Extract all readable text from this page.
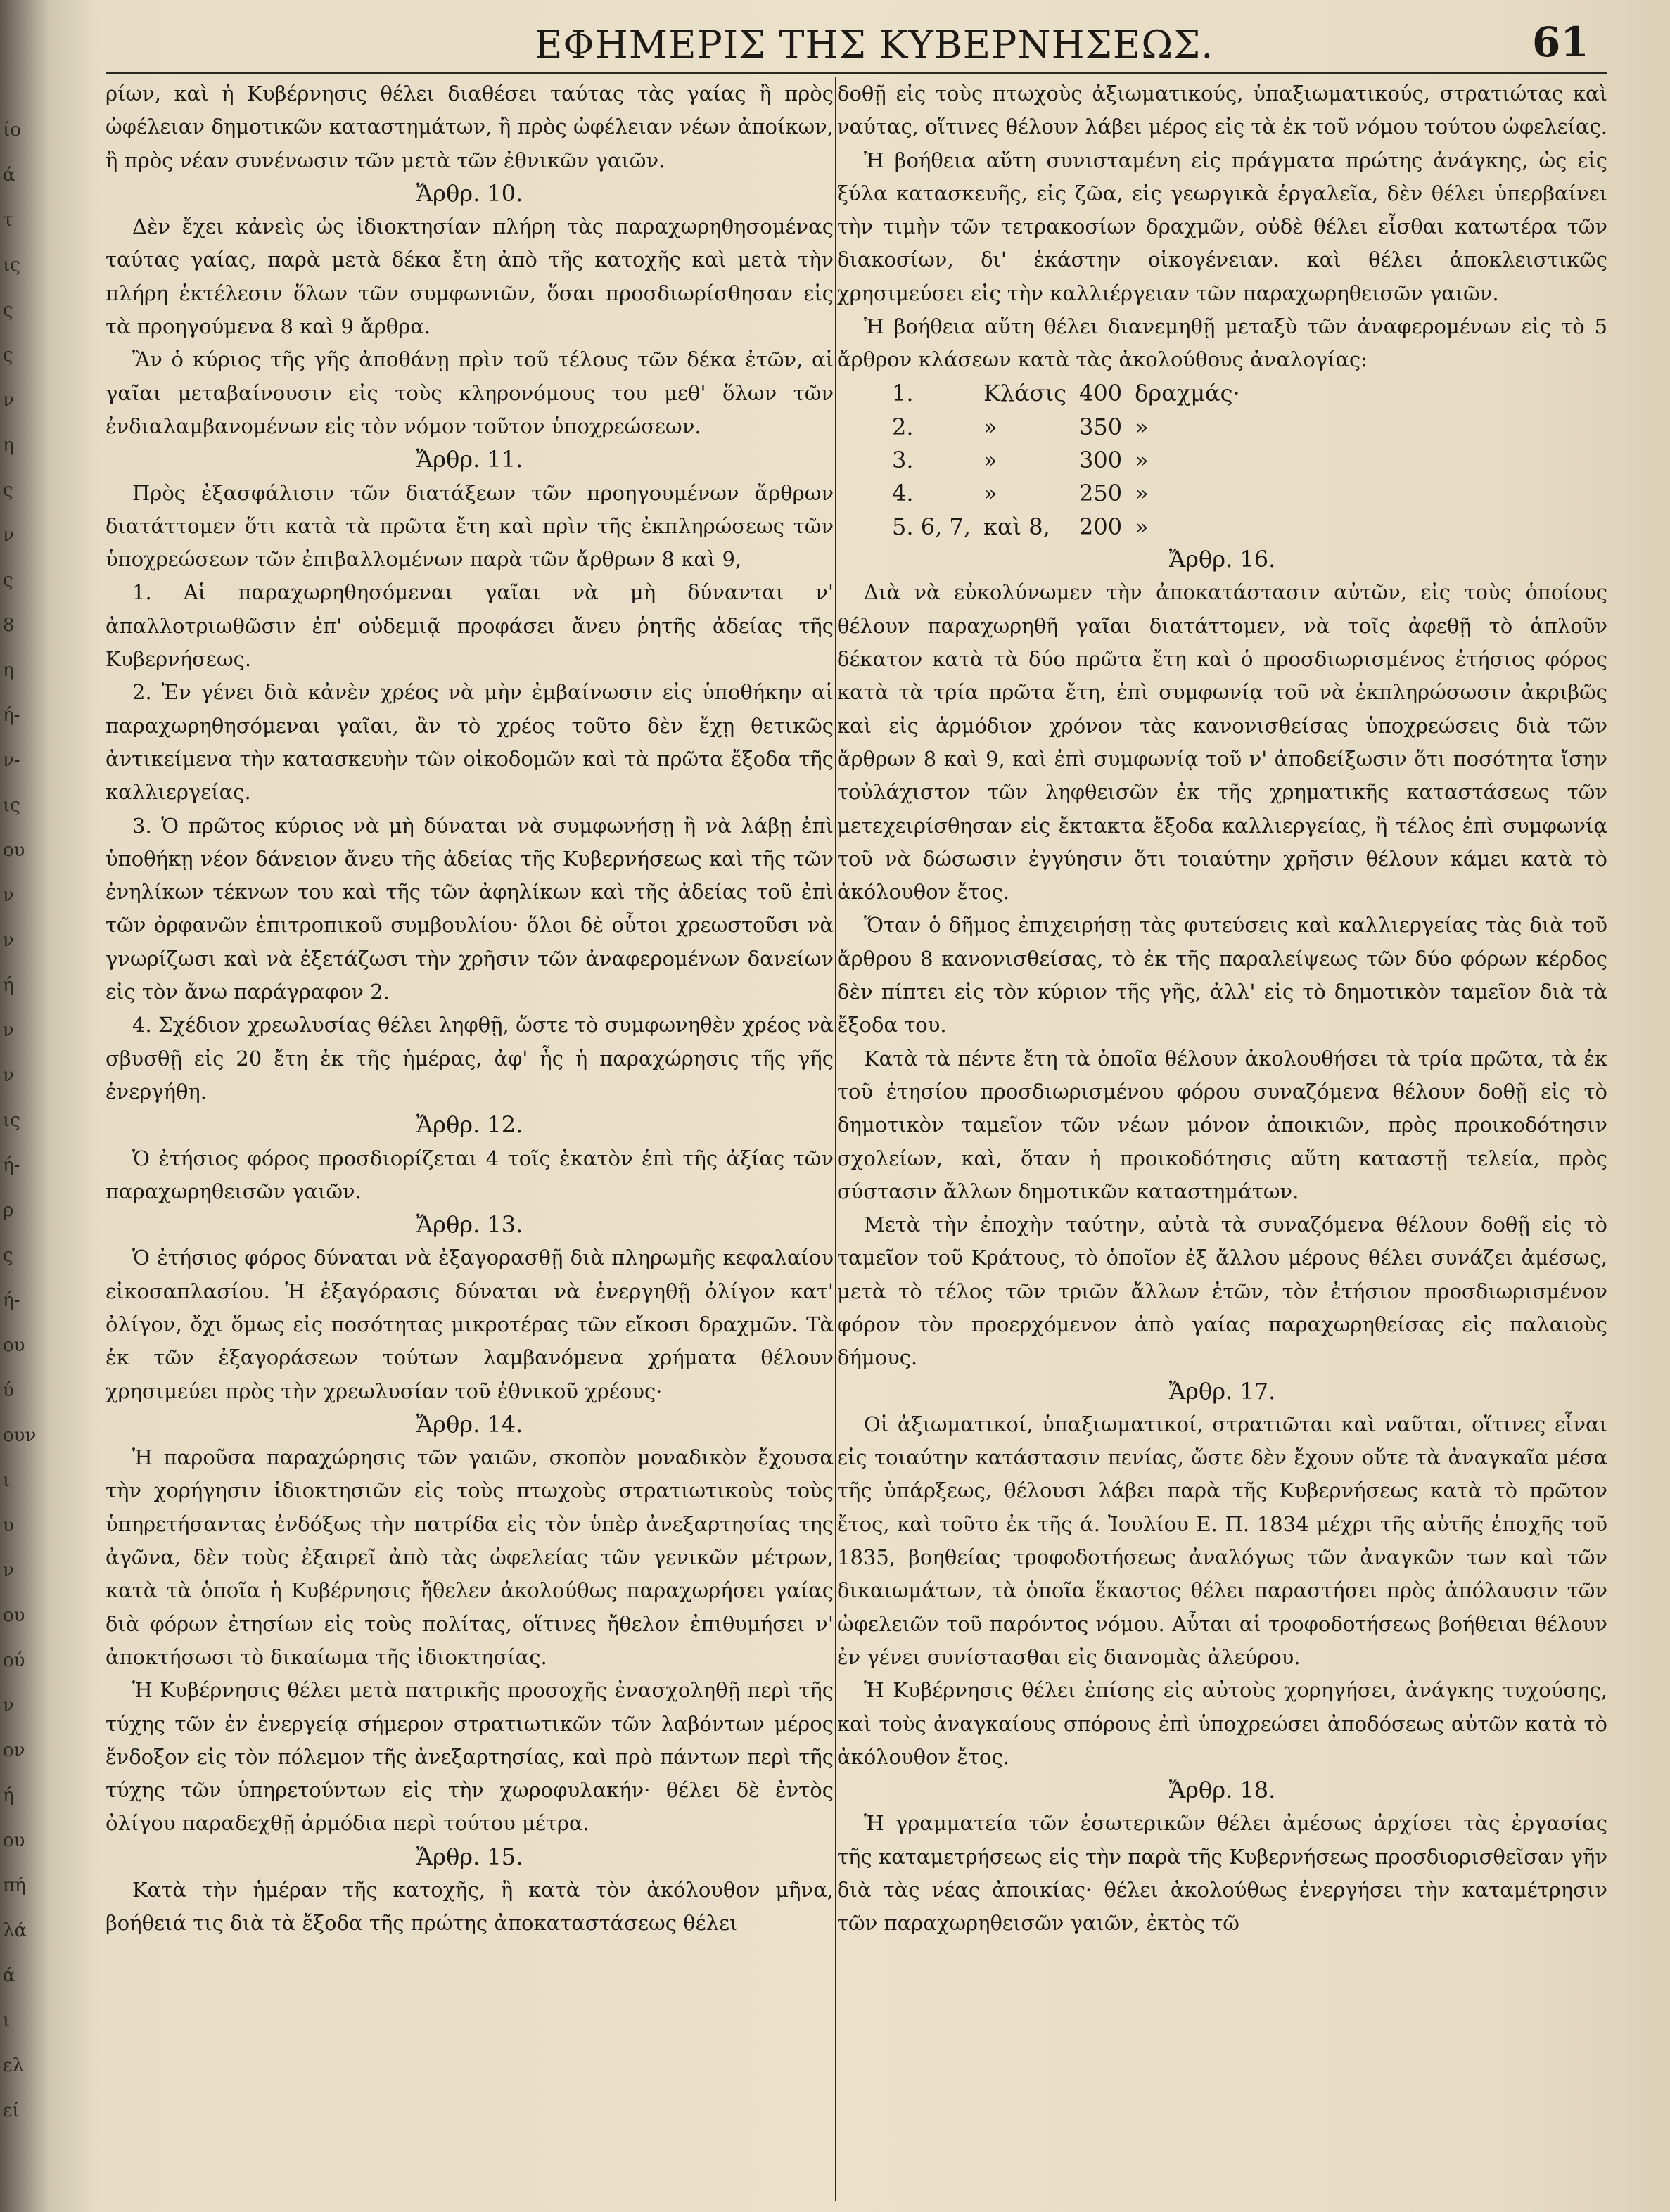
ίο
ά
τ
ις
ς
ς
ν
η
ς
ν
ς
8
η
ή-
ν-
ις
ου
ν
ν
ή
ν
ν
ις
ή-
ρ
ς
ή-
ου
ύ
ουν
ι
υ
ν
ου
ού
ν
ον
ή
ου
πή
λά
ά
ι
ελ
εί
ΕΦΗΜΕΡΙΣ ΤΗΣ ΚΥΒΕΡΝΗΣΕΩΣ.	61

ρίων, καὶ ἡ Κυβέρνησις θέλει διαθέσει ταύτας τὰς γαίας ἢ πρὸς ὠφέλειαν δημοτικῶν καταστημάτων, ἢ πρὸς ὠφέλειαν νέων ἀποίκων, ἢ πρὸς νέαν συνένωσιν τῶν μετὰ τῶν ἐθνικῶν γαιῶν.

Ἄρθρ. 10.

Δὲν ἔχει κἀνεὶς ὡς ἰδιοκτησίαν πλήρη τὰς παραχωρηθησομένας ταύτας γαίας, παρὰ μετὰ δέκα ἔτη ἀπὸ τῆς κατοχῆς καὶ μετὰ τὴν πλήρη ἐκτέλεσιν ὅλων τῶν συμφωνιῶν, ὅσαι προσδιωρίσθησαν εἰς τὰ προηγούμενα 8 καὶ 9 ἄρθρα.

Ἂν ὁ κύριος τῆς γῆς ἀποθάνῃ πρὶν τοῦ τέλους τῶν δέκα ἐτῶν, αἱ γαῖαι μεταβαίνουσιν εἰς τοὺς κληρονόμους του μεθ' ὅλων τῶν ἐνδιαλαμβανομένων εἰς τὸν νόμον τοῦτον ὑποχρεώσεων.

Ἄρθρ. 11.

Πρὸς ἐξασφάλισιν τῶν διατάξεων τῶν προηγουμένων ἄρθρων διατάττομεν ὅτι κατὰ τὰ πρῶτα ἔτη καὶ πρὶν τῆς ἐκπληρώσεως τῶν ὑποχρεώσεων τῶν ἐπιβαλλομένων παρὰ τῶν ἄρθρων 8 καὶ 9,

1. Αἱ παραχωρηθησόμεναι γαῖαι νὰ μὴ δύνανται ν' ἀπαλλοτριωθῶσιν ἐπ' οὐδεμιᾷ προφάσει ἄνευ ῥητῆς ἀδείας τῆς Κυβερνήσεως.

2. Ἐν γένει διὰ κἀνὲν χρέος νὰ μὴν ἐμβαίνωσιν εἰς ὑποθήκην αἱ παραχωρηθησόμεναι γαῖαι, ἂν τὸ χρέος τοῦτο δὲν ἔχῃ θετικῶς ἀντικείμενα τὴν κατασκευὴν τῶν οἰκοδομῶν καὶ τὰ πρῶτα ἔξοδα τῆς καλλιεργείας.

3. Ὁ πρῶτος κύριος νὰ μὴ δύναται νὰ συμφωνήσῃ ἢ νὰ λάβῃ ἐπὶ ὑποθήκῃ νέον δάνειον ἄνευ τῆς ἀδείας τῆς Κυβερνήσεως καὶ τῆς τῶν ἐνηλίκων τέκνων του καὶ τῆς τῶν ἀφηλίκων καὶ τῆς ἀδείας τοῦ ἐπὶ τῶν ὀρφανῶν ἐπιτροπικοῦ συμβουλίου· ὅλοι δὲ οὗτοι χρεωστοῦσι νὰ γνωρίζωσι καὶ νὰ ἐξετάζωσι τὴν χρῆσιν τῶν ἀναφερομένων δανείων εἰς τὸν ἄνω παράγραφον 2.

4. Σχέδιον χρεωλυσίας θέλει ληφθῇ, ὥστε τὸ συμφωνηθὲν χρέος νὰ σβυσθῇ εἰς 20 ἔτη ἐκ τῆς ἡμέρας, ἀφ' ἧς ἡ παραχώρησις τῆς γῆς ἐνεργήθη.

Ἄρθρ. 12.

Ὁ ἐτήσιος φόρος προσδιορίζεται 4 τοῖς ἑκατὸν ἐπὶ τῆς ἀξίας τῶν παραχωρηθεισῶν γαιῶν.

Ἄρθρ. 13.

Ὁ ἐτήσιος φόρος δύναται νὰ ἐξαγορασθῇ διὰ πληρωμῆς κεφαλαίου εἰκοσαπλασίου. Ἡ ἐξαγόρασις δύναται νὰ ἐνεργηθῇ ὀλίγον κατ' ὀλίγον, ὄχι ὅμως εἰς ποσότητας μικροτέρας τῶν εἴκοσι δραχμῶν. Τὰ ἐκ τῶν ἐξαγοράσεων τούτων λαμβανόμενα χρήματα θέλουν χρησιμεύει πρὸς τὴν χρεωλυσίαν τοῦ ἐθνικοῦ χρέους·

Ἄρθρ. 14.

Ἡ παροῦσα παραχώρησις τῶν γαιῶν, σκοπὸν μοναδικὸν ἔχουσα τὴν χορήγησιν ἰδιοκτησιῶν εἰς τοὺς πτωχοὺς στρατιωτικοὺς τοὺς ὑπηρετήσαντας ἐνδόξως τὴν πατρίδα εἰς τὸν ὑπὲρ ἀνεξαρτησίας της ἀγῶνα, δὲν τοὺς ἐξαιρεῖ ἀπὸ τὰς ὠφελείας τῶν γενικῶν μέτρων, κατὰ τὰ ὁποῖα ἡ Κυβέρνησις ἤθελεν ἀκολούθως παραχωρήσει γαίας διὰ φόρων ἐτησίων εἰς τοὺς πολίτας, οἵτινες ἤθελον ἐπιθυμήσει ν' ἀποκτήσωσι τὸ δικαίωμα τῆς ἰδιοκτησίας.

Ἡ Κυβέρνησις θέλει μετὰ πατρικῆς προσοχῆς ἐνασχοληθῇ περὶ τῆς τύχης τῶν ἐν ἐνεργείᾳ σήμερον στρατιωτικῶν τῶν λαβόντων μέρος ἔνδοξον εἰς τὸν πόλεμον τῆς ἀνεξαρτησίας, καὶ πρὸ πάντων περὶ τῆς τύχης τῶν ὑπηρετούντων εἰς τὴν χωροφυλακήν· θέλει δὲ ἐντὸς ὀλίγου παραδεχθῇ ἁρμόδια περὶ τούτου μέτρα.

Ἄρθρ. 15.

Κατὰ τὴν ἡμέραν τῆς κατοχῆς, ἢ κατὰ τὸν ἀκόλουθον μῆνα, βοήθειά τις διὰ τὰ ἔξοδα τῆς πρώτης ἀποκαταστάσεως θέλει

δοθῇ εἰς τοὺς πτωχοὺς ἀξιωματικούς, ὑπαξιωματικούς, στρατιώτας καὶ ναύτας, οἵτινες θέλουν λάβει μέρος εἰς τὰ ἐκ τοῦ νόμου τούτου ὠφελείας.

Ἡ βοήθεια αὕτη συνισταμένη εἰς πράγματα πρώτης ἀνάγκης, ὡς εἰς ξύλα κατασκευῆς, εἰς ζῶα, εἰς γεωργικὰ ἐργαλεῖα, δὲν θέλει ὑπερβαίνει τὴν τιμὴν τῶν τετρακοσίων δραχμῶν, οὐδὲ θέλει εἶσθαι κατωτέρα τῶν διακοσίων, δι' ἑκάστην οἰκογένειαν. καὶ θέλει ἀποκλειστικῶς χρησιμεύσει εἰς τὴν καλλιέργειαν τῶν παραχωρηθεισῶν γαιῶν.

Ἡ βοήθεια αὕτη θέλει διανεμηθῇ μεταξὺ τῶν ἀναφερομένων εἰς τὸ 5 ἄρθρον κλάσεων κατὰ τὰς ἀκολούθους ἀναλογίας:

1.	Κλάσις	400	δραχμάς·
2.	»	350	»
3.	»	300	»
4.	»	250	»
5. 6, 7,	καὶ 8,	200	»

Ἄρθρ. 16.

Διὰ νὰ εὐκολύνωμεν τὴν ἀποκατάστασιν αὐτῶν, εἰς τοὺς ὁποίους θέλουν παραχωρηθῆ γαῖαι διατάττομεν, νὰ τοῖς ἀφεθῇ τὸ ἁπλοῦν δέκατον κατὰ τὰ δύο πρῶτα ἔτη καὶ ὁ προσδιωρισμένος ἐτήσιος φόρος κατὰ τὰ τρία πρῶτα ἔτη, ἐπὶ συμφωνίᾳ τοῦ νὰ ἐκπληρώσωσιν ἀκριβῶς καὶ εἰς ἁρμόδιον χρόνον τὰς κανονισθείσας ὑποχρεώσεις διὰ τῶν ἄρθρων 8 καὶ 9, καὶ ἐπὶ συμφωνίᾳ τοῦ ν' ἀποδείξωσιν ὅτι ποσότητα ἴσην τοὐλάχιστον τῶν ληφθεισῶν ἐκ τῆς χρηματικῆς καταστάσεως τῶν μετεχειρίσθησαν εἰς ἔκτακτα ἔξοδα καλλιεργείας, ἢ τέλος ἐπὶ συμφωνίᾳ τοῦ νὰ δώσωσιν ἐγγύησιν ὅτι τοιαύτην χρῆσιν θέλουν κάμει κατὰ τὸ ἀκόλουθον ἔτος.

Ὅταν ὁ δῆμος ἐπιχειρήσῃ τὰς φυτεύσεις καὶ καλλιεργείας τὰς διὰ τοῦ ἄρθρου 8 κανονισθείσας, τὸ ἐκ τῆς παραλείψεως τῶν δύο φόρων κέρδος δὲν πίπτει εἰς τὸν κύριον τῆς γῆς, ἀλλ' εἰς τὸ δημοτικὸν ταμεῖον διὰ τὰ ἔξοδα του.

Κατὰ τὰ πέντε ἔτη τὰ ὁποῖα θέλουν ἀκολουθήσει τὰ τρία πρῶτα, τὰ ἐκ τοῦ ἐτησίου προσδιωρισμένου φόρου συναζόμενα θέλουν δοθῇ εἰς τὸ δημοτικὸν ταμεῖον τῶν νέων μόνον ἀποικιῶν, πρὸς προικοδότησιν σχολείων, καὶ, ὅταν ἡ προικοδότησις αὕτη καταστῇ τελεία, πρὸς σύστασιν ἄλλων δημοτικῶν καταστημάτων.

Μετὰ τὴν ἐποχὴν ταύτην, αὐτὰ τὰ συναζόμενα θέλουν δοθῇ εἰς τὸ ταμεῖον τοῦ Κράτους, τὸ ὁποῖον ἐξ ἄλλου μέρους θέλει συνάζει ἀμέσως, μετὰ τὸ τέλος τῶν τριῶν ἄλλων ἐτῶν, τὸν ἐτήσιον προσδιωρισμένον φόρον τὸν προερχόμενον ἀπὸ γαίας παραχωρηθείσας εἰς παλαιοὺς δήμους.

Ἄρθρ. 17.

Οἱ ἀξιωματικοί, ὑπαξιωματικοί, στρατιῶται καὶ ναῦται, οἵτινες εἶναι εἰς τοιαύτην κατάστασιν πενίας, ὥστε δὲν ἔχουν οὔτε τὰ ἀναγκαῖα μέσα τῆς ὑπάρξεως, θέλουσι λάβει παρὰ τῆς Κυβερνήσεως κατὰ τὸ πρῶτον ἔτος, καὶ τοῦτο ἐκ τῆς ά. Ἰουλίου Ε. Π. 1834 μέχρι τῆς αὐτῆς ἐποχῆς τοῦ 1835, βοηθείας τροφοδοτήσεως ἀναλόγως τῶν ἀναγκῶν των καὶ τῶν δικαιωμάτων, τὰ ὁποῖα ἕκαστος θέλει παραστήσει πρὸς ἀπόλαυσιν τῶν ὠφελειῶν τοῦ παρόντος νόμου. Αὗται αἱ τροφοδοτήσεως βοήθειαι θέλουν ἐν γένει συνίστασθαι εἰς διανομὰς ἀλεύρου.

Ἡ Κυβέρνησις θέλει ἐπίσης εἰς αὐτοὺς χορηγήσει, ἀνάγκης τυχούσης, καὶ τοὺς ἀναγκαίους σπόρους ἐπὶ ὑποχρεώσει ἀποδόσεως αὐτῶν κατὰ τὸ ἀκόλουθον ἔτος.

Ἄρθρ. 18.

Ἡ γραμματεία τῶν ἐσωτερικῶν θέλει ἀμέσως ἀρχίσει τὰς ἐργασίας τῆς καταμετρήσεως εἰς τὴν παρὰ τῆς Κυβερνήσεως προσδιορισθεῖσαν γῆν διὰ τὰς νέας ἀποικίας· θέλει ἀκολούθως ἐνεργήσει τὴν καταμέτρησιν τῶν παραχωρηθεισῶν γαιῶν, ἐκτὸς τῶ
